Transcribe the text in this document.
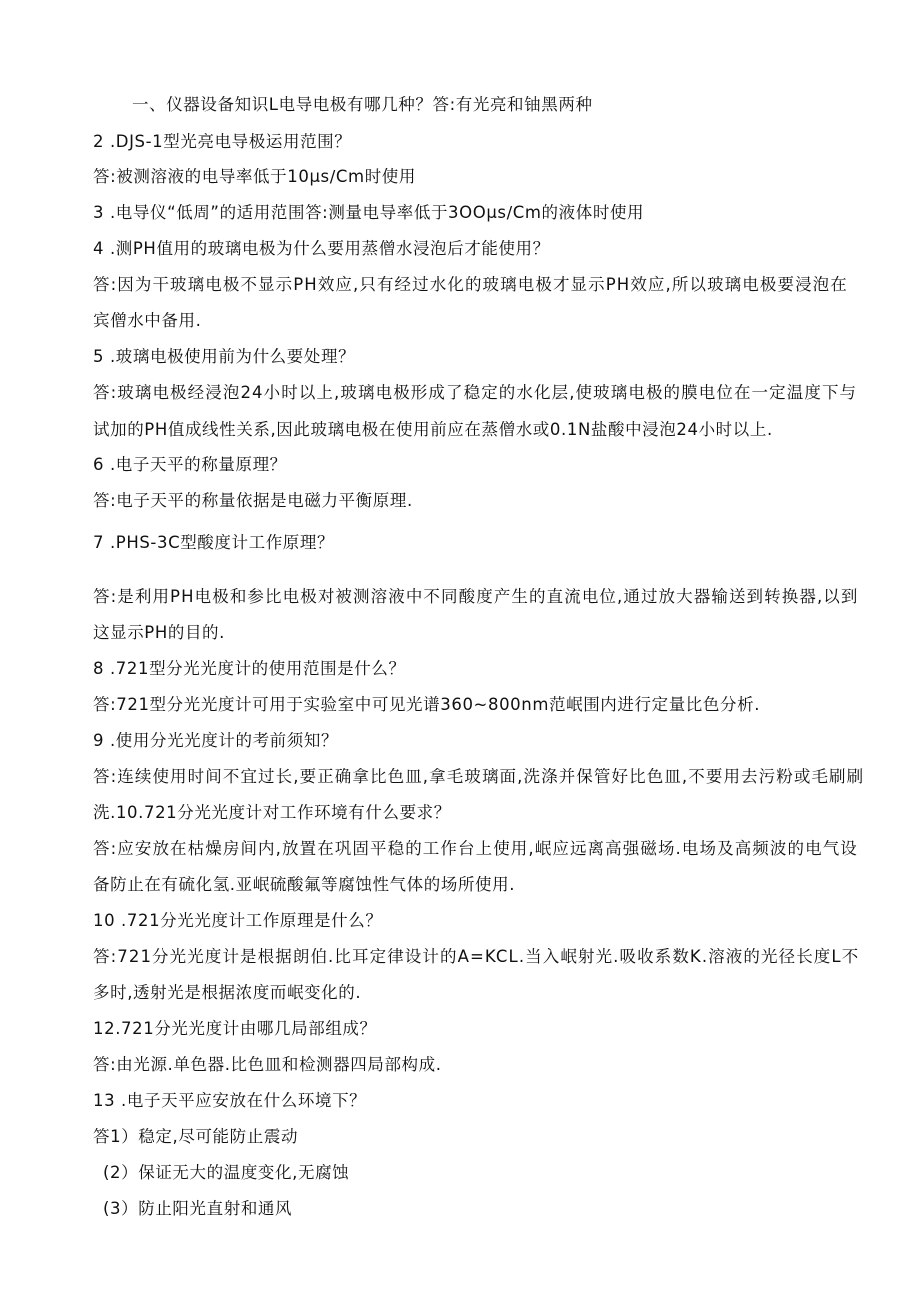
一、仪器设备知识L电导电极有哪几种？答:有光亮和铀黑两种
2 .DJS-1型光亮电导极运用范围？
答:被测溶液的电导率低于10μs∕Cm时使用
3 .电导仪“低周”的适用范围答:测量电导率低于3OOμs∕Cm的液体时使用
4 .测PH值用的玻璃电极为什么要用蒸僧水浸泡后才能使用？
答:因为干玻璃电极不显示PH效应,只有经过水化的玻璃电极才显示PH效应,所以玻璃电极要浸泡在
宾僧水中备用.
5 .玻璃电极使用前为什么要处理？
答:玻璃电极经浸泡24小时以上,玻璃电极形成了稳定的水化层,使玻璃电极的膜电位在一定温度下与
试加的PH值成线性关系,因此玻璃电极在使用前应在蒸僧水或0.1N盐酸中浸泡24小时以上.
6 .电子天平的称量原理？
答:电子天平的称量依据是电磁力平衡原理.
7 .PHS-3C型酸度计工作原理？
答:是利用PH电极和参比电极对被测溶液中不同酸度产生的直流电位,通过放大器输送到转换器,以到
这显示PH的目的.
8 .721型分光光度计的使用范围是什么？
答:721型分光光度计可用于实验室中可见光谱360~800nm范岷围内进行定量比色分析.
9 .使用分光光度计的考前须知？
答:连续使用时间不宜过长,要正确拿比色皿,拿毛玻璃面,洗涤并保管好比色皿,不要用去污粉或毛刷刷
洗.10.721分光光度计对工作环境有什么要求？
答:应安放在枯燥房间内,放置在巩固平稳的工作台上使用,岷应远离高强磁场.电场及高频波的电气设
备防止在有硫化氢.亚岷硫酸氟等腐蚀性气体的场所使用.
10 .721分光光度计工作原理是什么？
答:721分光光度计是根据朗伯.比耳定律设计的A=KCL.当入岷射光.吸收系数K.溶液的光径长度L不
多时,透射光是根据浓度而岷变化的.
12.721分光光度计由哪几局部组成？
答:由光源.单色器.比色皿和检测器四局部构成.
13 .电子天平应安放在什么环境下？
答1）稳定,尽可能防止震动
(2）保证无大的温度变化,无腐蚀
(3）防止阳光直射和通风
